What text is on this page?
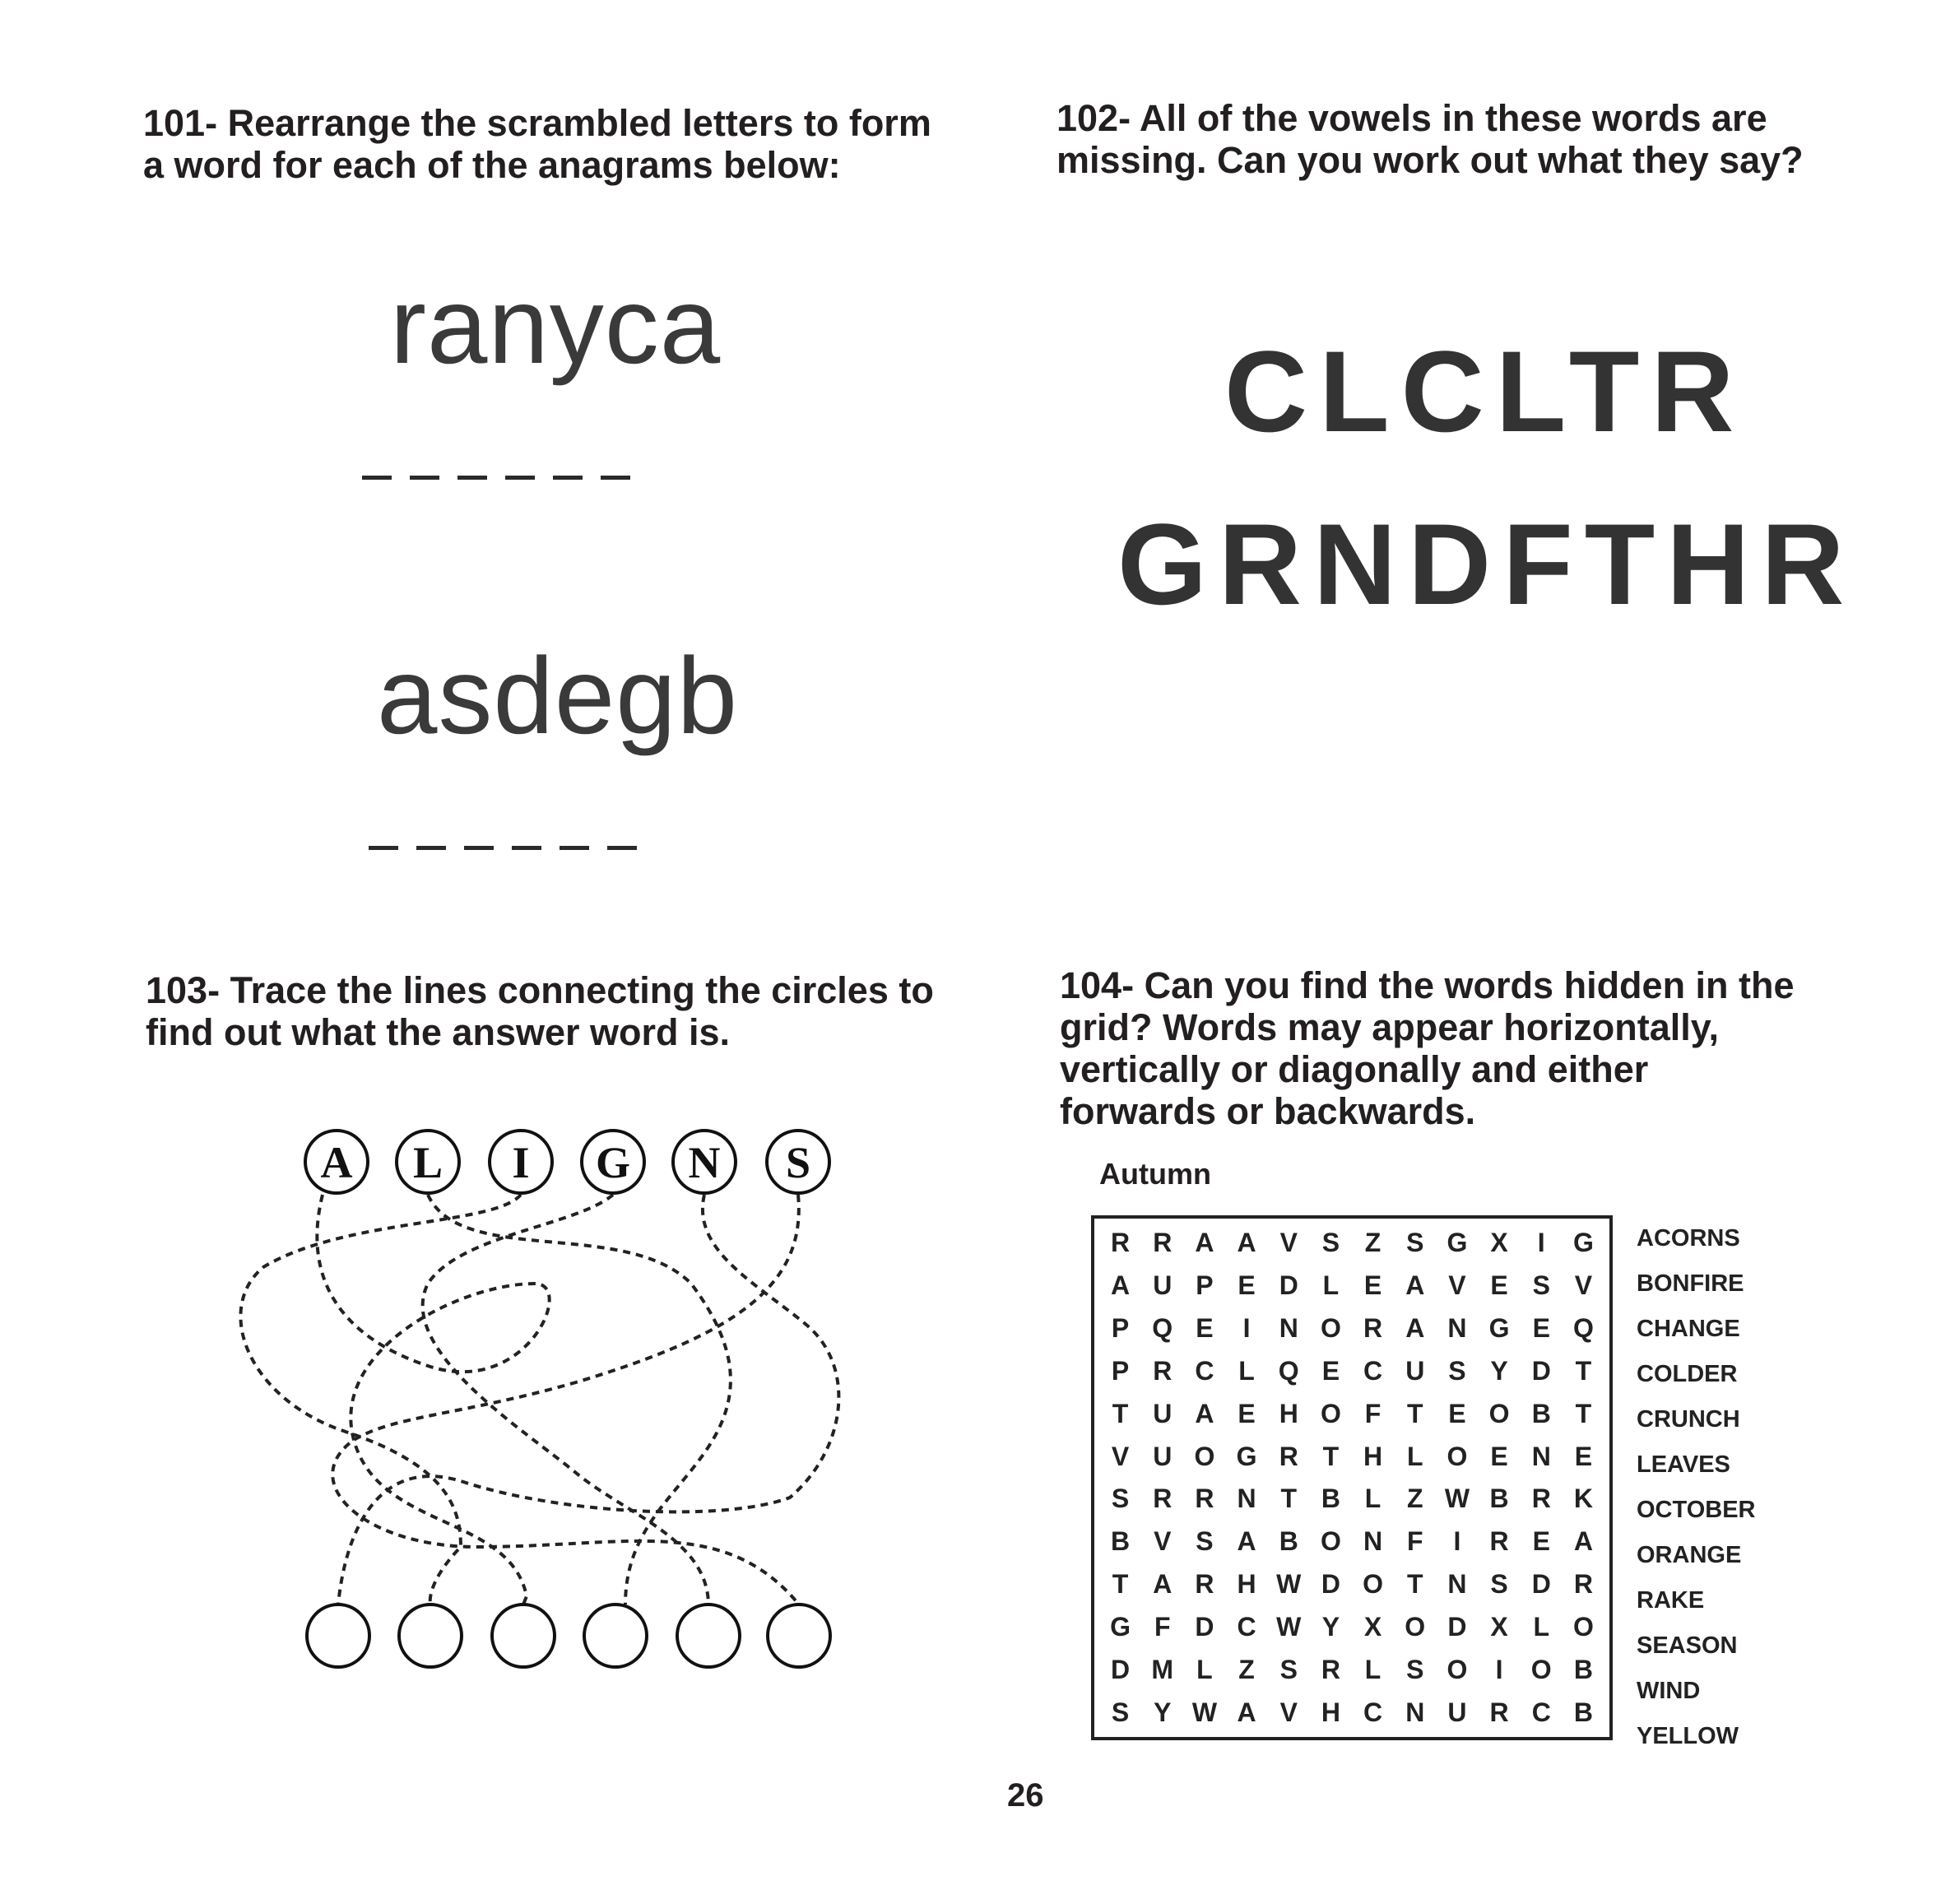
101- Rearrange the scrambled letters to form
a word for each of the anagrams below:
ranyca
asdegb
102- All of the vowels in these words are
missing. Can you work out what they say?
CLCLTR
GRNDFTHR
103- Trace the lines connecting the circles to
find out what the answer word is.
A L I G N S
104- Can you find the words hidden in the
grid? Words may appear horizontally,
vertically or diagonally and either
forwards or backwards.
Autumn
R R A A V S Z S G X	I	G
A U P E D L E A V E S V
P Q E	I	N O R A N G E Q
P R C L Q E C U S Y D T
T U A E H O F T E O B T
V U O G R T H L O E N E
S R R N T B L Z W B R K
B V S A B O N F	I	R E A
T A R H W D O T N S D R
G F D C W Y X O D X L O
D M L Z S R L S O	I	O B
S Y W A V H C N U R C B
ACORNS
BONFIRE
CHANGE
COLDER
CRUNCH
LEAVES
OCTOBER
ORANGE
RAKE
SEASON
WIND
YELLOW
26
